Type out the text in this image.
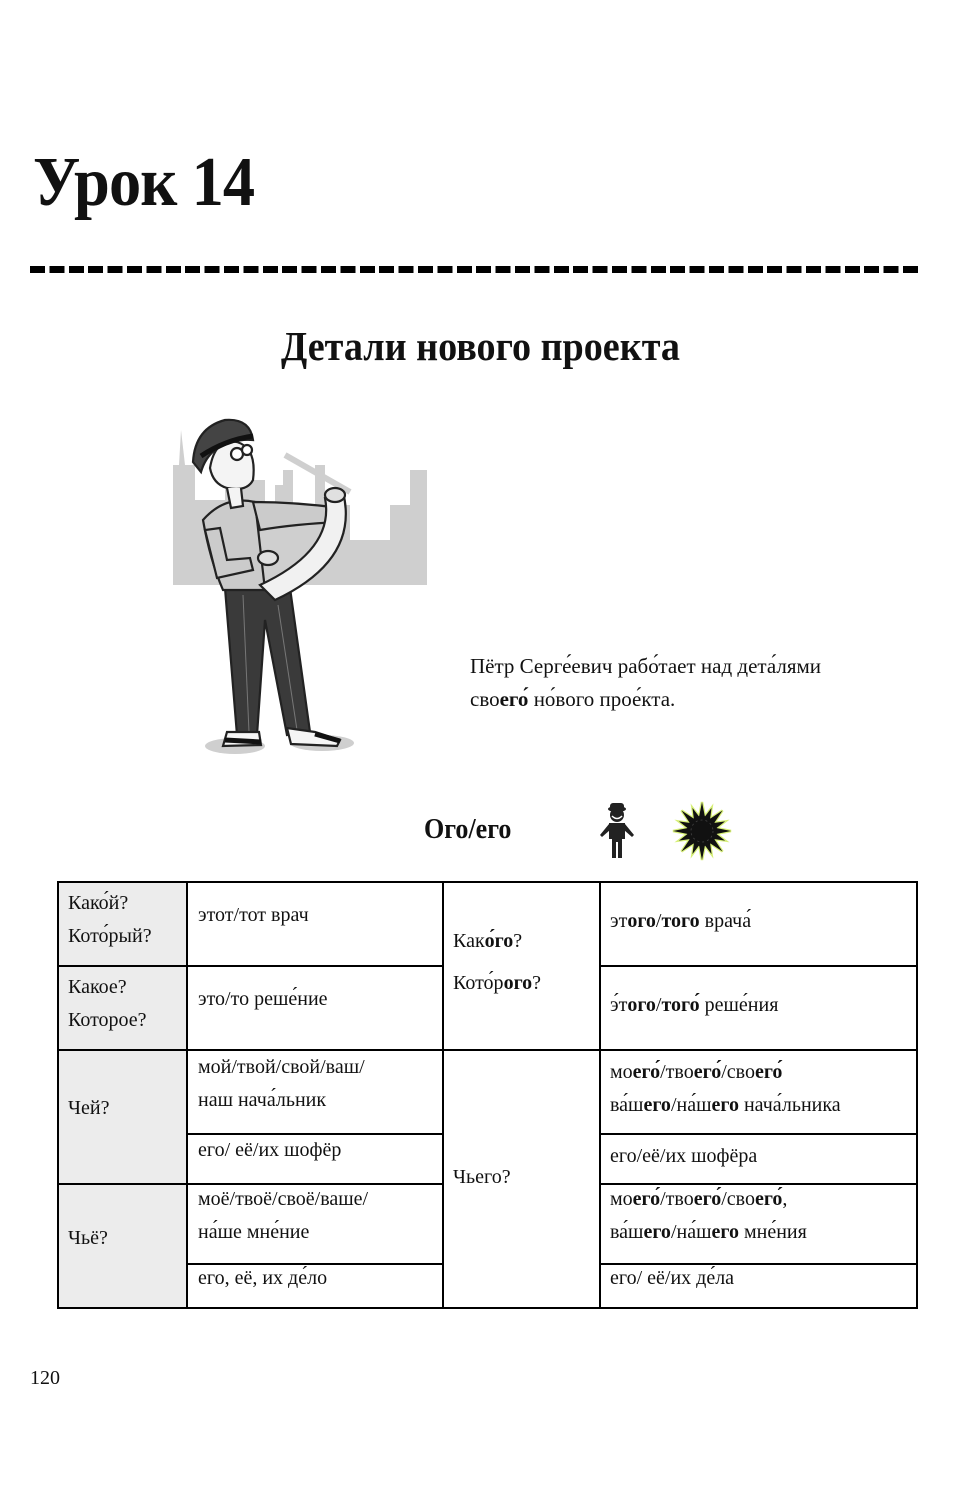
Урок 14
Детали нового проекта
Пётр Серге́евич рабо́тает над дета́лями
своего́ но́вого прое́кта.
Ого/его
Како́й?
Кото́рый?
Какое?
Которое?
Чей?
Чьё?
этот/тот врач
это/то реше́ние
мой/твой/свой/ваш/
наш нача́льник
его/ её/их шофёр
моё/твоё/своё/ваше/
на́ше мне́ние
его, её, их де́ло
Како́го?
Кото́рого?
Чьего?
этого/того врача́
э́того/того́ реше́ния
моего́/твоего́/своего́
ва́шего/на́шего нача́льника
его/её/их шофёра
моего́/твоего́/своего́,
ва́шего/на́шего мне́ния
его/ её/их де́ла
120
